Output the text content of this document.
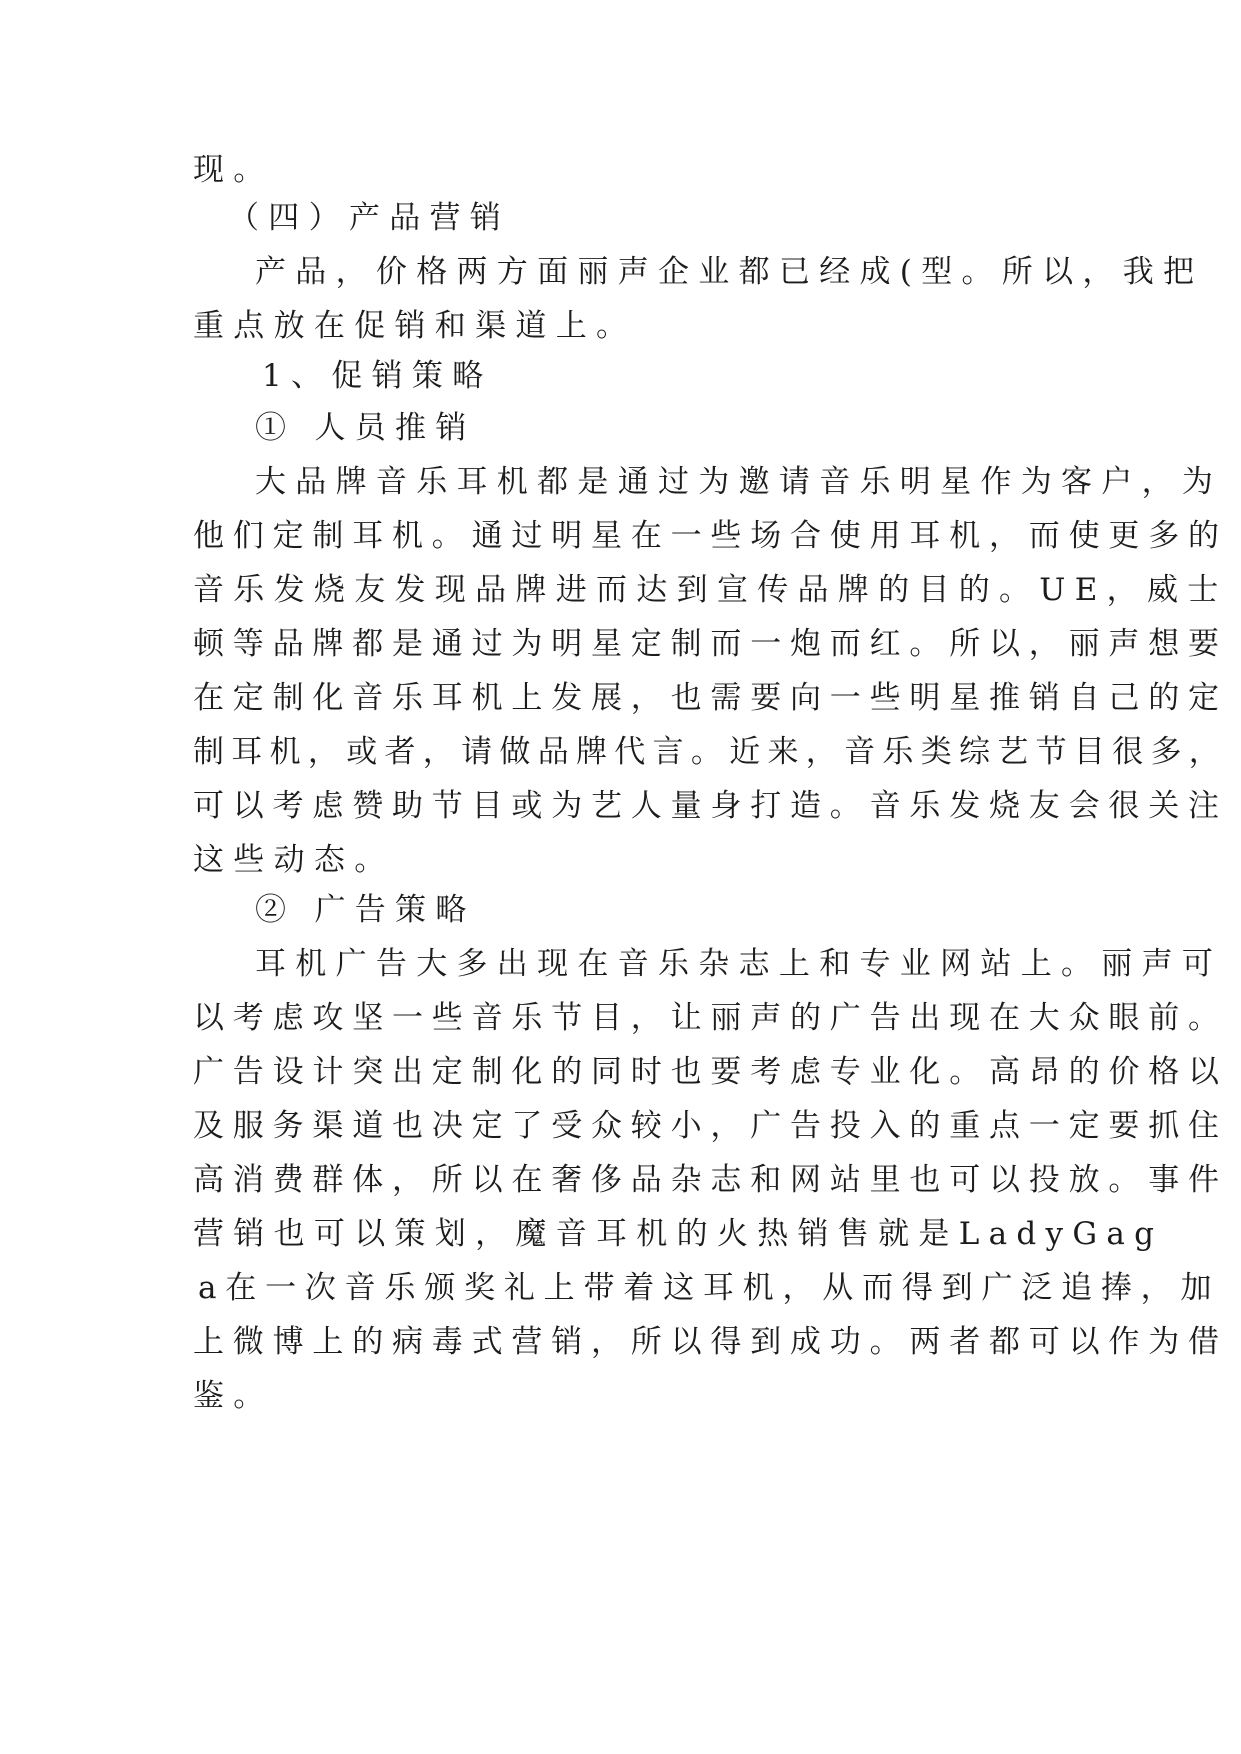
现。
（四）产品营销
产品，价格两方面丽声企业都已经成(型。所以，我把
重点放在促销和渠道上。
1、促销策略
① 人员推销
大品牌音乐耳机都是通过为邀请音乐明星作为客户，为
他们定制耳机。通过明星在一些场合使用耳机，而使更多的
音乐发烧友发现品牌进而达到宣传品牌的目的。UE，威士
顿等品牌都是通过为明星定制而一炮而红。所以，丽声想要
在定制化音乐耳机上发展，也需要向一些明星推销自己的定
制耳机，或者，请做品牌代言。近来，音乐类综艺节目很多，
可以考虑赞助节目或为艺人量身打造。音乐发烧友会很关注
这些动态。
② 广告策略
耳机广告大多出现在音乐杂志上和专业网站上。丽声可
以考虑攻坚一些音乐节目，让丽声的广告出现在大众眼前。
广告设计突出定制化的同时也要考虑专业化。高昂的价格以
及服务渠道也决定了受众较小，广告投入的重点一定要抓住
高消费群体，所以在奢侈品杂志和网站里也可以投放。事件
营销也可以策划，魔音耳机的火热销售就是LadyGag
a在一次音乐颁奖礼上带着这耳机，从而得到广泛追捧，加
上微博上的病毒式营销，所以得到成功。两者都可以作为借
鉴。
